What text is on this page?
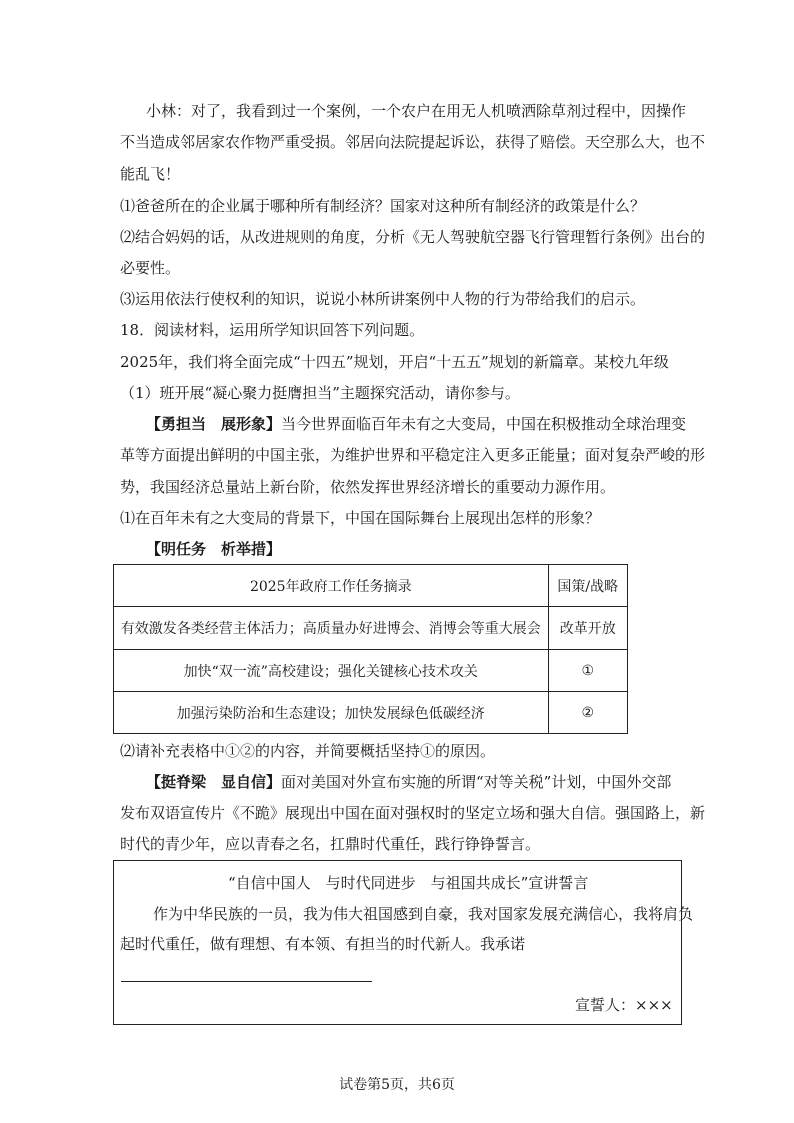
小林：对了，我看到过一个案例，一个农户在用无人机喷洒除草剂过程中，因操作
不当造成邻居家农作物严重受损。邻居向法院提起诉讼，获得了赔偿。天空那么大，也不
能乱飞！
⑴爸爸所在的企业属于哪种所有制经济？国家对这种所有制经济的政策是什么？
⑵结合妈妈的话，从改进规则的角度，分析《无人驾驶航空器飞行管理暂行条例》出台的
必要性。
⑶运用依法行使权利的知识，说说小林所讲案例中人物的行为带给我们的启示。
18．阅读材料，运用所学知识回答下列问题。
2025年，我们将全面完成“十四五”规划，开启“十五五”规划的新篇章。某校九年级
（1）班开展“凝心聚力挺膺担当”主题探究活动，请你参与。
【勇担当　展形象】当今世界面临百年未有之大变局，中国在积极推动全球治理变
革等方面提出鲜明的中国主张，为维护世界和平稳定注入更多正能量；面对复杂严峻的形
势，我国经济总量站上新台阶，依然发挥世界经济增长的重要动力源作用。
⑴在百年未有之大变局的背景下，中国在国际舞台上展现出怎样的形象？
【明任务　析举措】
2025年政府工作任务摘录	国策/战略
有效激发各类经营主体活力；高质量办好进博会、消博会等重大展会	改革开放
加快“双一流”高校建设；强化关键核心技术攻关	①
加强污染防治和生态建设；加快发展绿色低碳经济	②
⑵请补充表格中①②的内容，并简要概括坚持①的原因。
【挺脊梁　显自信】面对美国对外宣布实施的所谓“对等关税”计划，中国外交部
发布双语宣传片《不跪》展现出中国在面对强权时的坚定立场和强大自信。强国路上，新
时代的青少年，应以青春之名，扛鼎时代重任，践行铮铮誓言。
“自信中国人　与时代同进步　与祖国共成长”宣讲誓言
作为中华民族的一员，我为伟大祖国感到自豪，我对国家发展充满信心，我将肩负
起时代重任，做有理想、有本领、有担当的时代新人。我承诺
宣誓人：×××
试卷第5页，共6页
